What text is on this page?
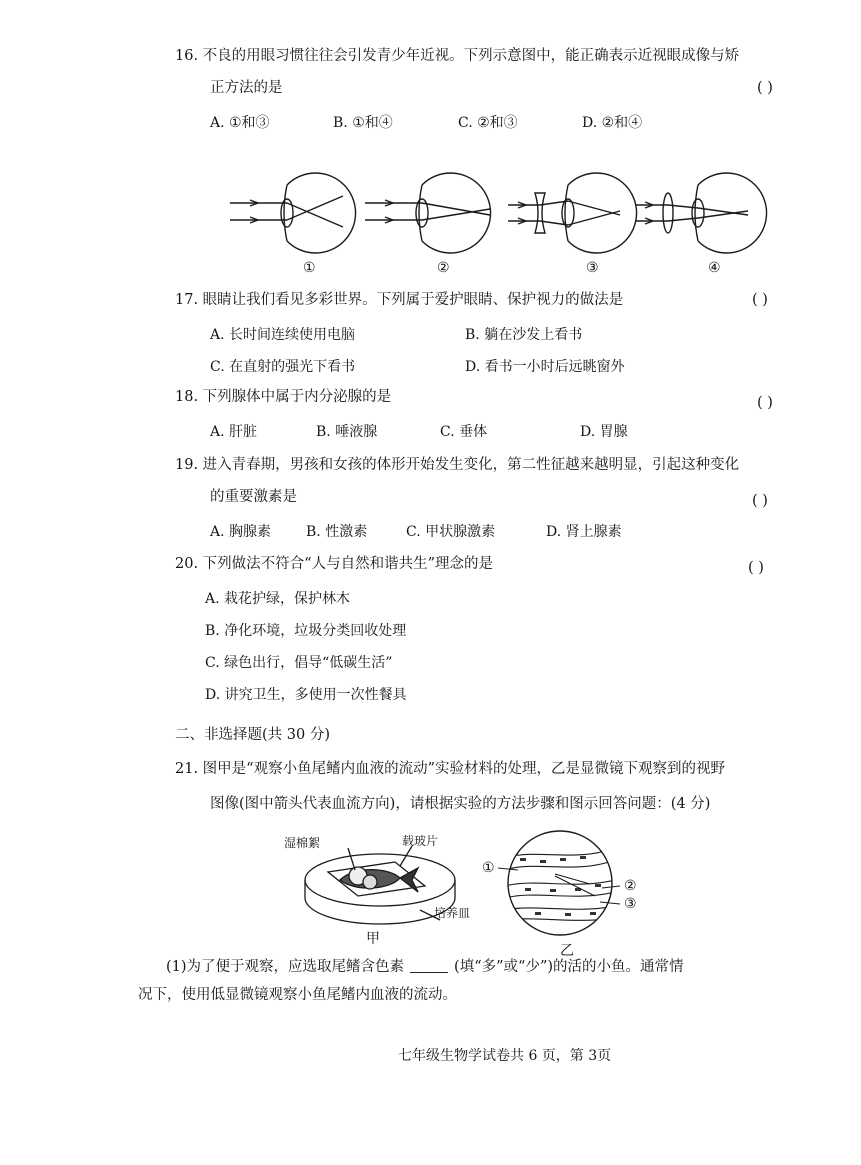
16. 不良的用眼习惯往往会引发青少年近视。下列示意图中，能正确表示近视眼成像与矫
正方法的是	( )
A. ①和③	B. ①和④	C. ②和③	D. ②和④
①	②	③	④
17. 眼睛让我们看见多彩世界。下列属于爱护眼睛、保护视力的做法是	( )
A. 长时间连续使用电脑	B. 躺在沙发上看书
C. 在直射的强光下看书	D. 看书一小时后远眺窗外
18. 下列腺体中属于内分泌腺的是	( )
A. 肝脏	B. 唾液腺	C. 垂体	D. 胃腺
19. 进入青春期，男孩和女孩的体形开始发生变化，第二性征越来越明显，引起这种变化
的重要激素是	( )
A. 胸腺素 B. 性激素	C. 甲状腺激素	D. 肾上腺素
20. 下列做法不符合“人与自然和谐共生”理念的是	( )
A. 栽花护绿，保护林木
B. 净化环境，垃圾分类回收处理
C. 绿色出行，倡导“低碳生活”
D. 讲究卫生，多使用一次性餐具
二、非选择题(共 30 分)
21. 图甲是“观察小鱼尾鳍内血液的流动”实验材料的处理，乙是显微镜下观察到的视野
图像(图中箭头代表血流方向)，请根据实验的方法步骤和图示回答问题：(4 分)
湿棉絮	载玻片
培养皿
甲
①
②
③
乙
(1)为了便于观察，应选取尾鳍含色素	(填“多”或“少”)的活的小鱼。通常情
况下，使用低显微镜观察小鱼尾鳍内血液的流动。
七年级生物学试卷共 6 页，第 3页
